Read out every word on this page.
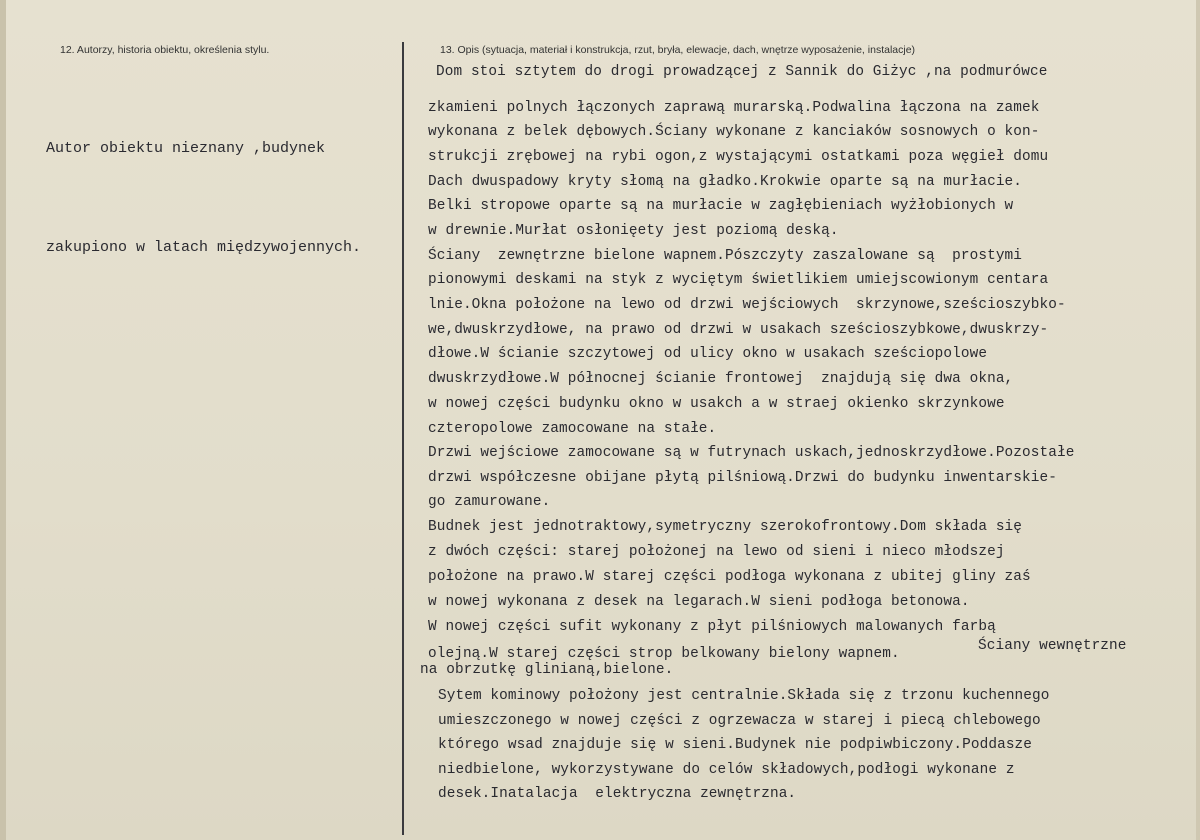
12. Autorzy, historia obiektu, określenia stylu.	13. Opis (sytuacja, materiał i konstrukcja, rzut, bryła, elewacje, dach, wnętrze wyposażenie, instalacje)

Autor obiektu nieznany ,budynek

zakupiono w latach międzywojennych.

Dom stoi sztytem do drogi prowadzącej z Sannik do Giżyc ,na podmurówce
zkamieni polnych łączonych zaprawą murarską.Podwalina łączona na zamek
wykonana z belek dębowych.Ściany wykonane z kanciaków sosnowych o kon-
strukcji zrębowej na rybi ogon,z wystającymi ostatkami poza węgieł domu
Dach dwuspadowy kryty słomą na gładko.Krokwie oparte są na murłacie.
Belki stropowe oparte są na murłacie w zagłębieniach wyżłobionych w
w drewnie.Murłat osłonięety jest poziomą deską.
Ściany  zewnętrzne bielone wapnem.Pószczyty zaszalowane są  prostymi
pionowymi deskami na styk z wyciętym świetlikiem umiejscowionym centara
lnie.Okna położone na lewo od drzwi wejściowych  skrzynowe,sześcioszybko-
we,dwuskrzydłowe, na prawo od drzwi w usakach sześcioszybkowe,dwuskrzy-
dłowe.W ścianie szczytowej od ulicy okno w usakach sześciopolowe
dwuskrzydłowe.W północnej ścianie frontowej  znajdują się dwa okna,
w nowej części budynku okno w usakch a w straej okienko skrzynkowe
czteropolowe zamocowane na stałe.
Drzwi wejściowe zamocowane są w futrynach uskach,jednoskrzydłowe.Pozostałe
drzwi współczesne obijane płytą pilśniową.Drzwi do budynku inwentarskie-
go zamurowane.
Budnek jest jednotraktowy,symetryczny szerokofrontowy.Dom składa się
z dwóch części: starej położonej na lewo od sieni i nieco młodszej
położone na prawo.W starej części podłoga wykonana z ubitej gliny zaś
w nowej wykonana z desek na legarach.W sieni podłoga betonowa.
W nowej części sufit wykonany z płyt pilśniowych malowanych farbą
olejną.W starej części strop belkowany bielony wapnem.	Ściany wewnętrzne
na obrzutkę glinianą,bielone.
Sytem kominowy położony jest centralnie.Składa się z trzonu kuchennego
umieszczonego w nowej części z ogrzewacza w starej i piecą chlebowego
którego wsad znajduje się w sieni.Budynek nie podpiwbiczony.Poddasze
niedbielone, wykorzystywane do celów składowych,podłogi wykonane z
desek.Inatalacja  elektryczna zewnętrzna.
